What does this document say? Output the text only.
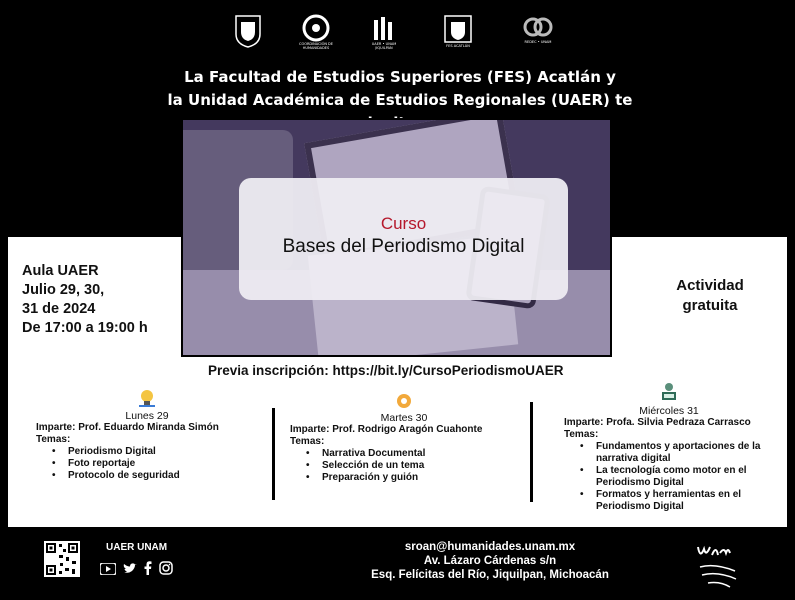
COORDINACIÓN DE HUMANIDADES
UAER • UNAM JIQUILPAN	FES ACATLÁN
REDEC • UNAM
La Facultad de Estudios Superiores (FES) Acatlán y
la Unidad Académica de Estudios Regionales (UAER) te
Curso
Bases del Periodismo Digital
Aula UAER
Julio 29, 30,
31 de 2024
De 17:00 a 19:00 h
Actividad
gratuita
Previa inscripción: https://bit.ly/CursoPeriodismoUAER
Lunes 29
Imparte: Prof. Eduardo Miranda Simón
Temas:
• Periodismo Digital
• Foto reportaje
• Protocolo de seguridad
Martes 30
Imparte: Prof. Rodrigo Aragón Cuahonte
Temas:
• Narrativa Documental
• Selección de un tema
• Preparación y guión
Miércoles 31
Imparte: Profa. Silvia Pedraza Carrasco
Temas:
• Fundamentos y aportaciones de la narrativa digital
• La tecnología como motor en el Periodismo Digital
• Formatos y herramientas en el Periodismo Digital
UAER UNAM	sroan@humanidades.unam.mx
Av. Lázaro Cárdenas s/n
Esq. Felícitas del Río, Jiquilpan, Michoacán
